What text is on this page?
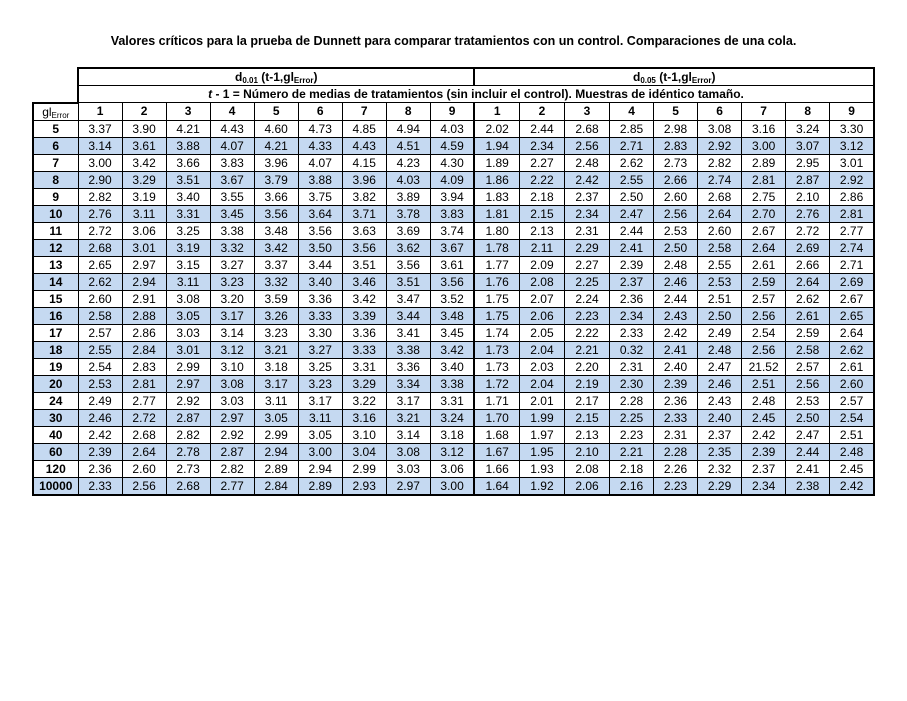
Valores críticos para la prueba de Dunnett para comparar tratamientos con un control. Comparaciones de una cola.
	$d_{0.01}$ $(t-1,gl_{Error})$									$d_{0.05}$ $(t-1,gl_{Error})$								
	t - 1 = Número de medias de tratamientos (sin incluir el control). Muestras de idéntico tamaño.																	
$gl_{Error}$	1	2	3	4	5	6	7	8	9	1	2	3	4	5	6	7	8	9
5	3.37	3.90	4.21	4.43	4.60	4.73	4.85	4.94	4.03	2.02	2.44	2.68	2.85	2.98	3.08	3.16	3.24	3.30
6	3.14	3.61	3.88	4.07	4.21	4.33	4.43	4.51	4.59	1.94	2.34	2.56	2.71	2.83	2.92	3.00	3.07	3.12
7	3.00	3.42	3.66	3.83	3.96	4.07	4.15	4.23	4.30	1.89	2.27	2.48	2.62	2.73	2.82	2.89	2.95	3.01
8	2.90	3.29	3.51	3.67	3.79	3.88	3.96	4.03	4.09	1.86	2.22	2.42	2.55	2.66	2.74	2.81	2.87	2.92
9	2.82	3.19	3.40	3.55	3.66	3.75	3.82	3.89	3.94	1.83	2.18	2.37	2.50	2.60	2.68	2.75	2.10	2.86
10	2.76	3.11	3.31	3.45	3.56	3.64	3.71	3.78	3.83	1.81	2.15	2.34	2.47	2.56	2.64	2.70	2.76	2.81
11	2.72	3.06	3.25	3.38	3.48	3.56	3.63	3.69	3.74	1.80	2.13	2.31	2.44	2.53	2.60	2.67	2.72	2.77
12	2.68	3.01	3.19	3.32	3.42	3.50	3.56	3.62	3.67	1.78	2.11	2.29	2.41	2.50	2.58	2.64	2.69	2.74
13	2.65	2.97	3.15	3.27	3.37	3.44	3.51	3.56	3.61	1.77	2.09	2.27	2.39	2.48	2.55	2.61	2.66	2.71
14	2.62	2.94	3.11	3.23	3.32	3.40	3.46	3.51	3.56	1.76	2.08	2.25	2.37	2.46	2.53	2.59	2.64	2.69
15	2.60	2.91	3.08	3.20	3.59	3.36	3.42	3.47	3.52	1.75	2.07	2.24	2.36	2.44	2.51	2.57	2.62	2.67
16	2.58	2.88	3.05	3.17	3.26	3.33	3.39	3.44	3.48	1.75	2.06	2.23	2.34	2.43	2.50	2.56	2.61	2.65
17	2.57	2.86	3.03	3.14	3.23	3.30	3.36	3.41	3.45	1.74	2.05	2.22	2.33	2.42	2.49	2.54	2.59	2.64
18	2.55	2.84	3.01	3.12	3.21	3.27	3.33	3.38	3.42	1.73	2.04	2.21	0.32	2.41	2.48	2.56	2.58	2.62
19	2.54	2.83	2.99	3.10	3.18	3.25	3.31	3.36	3.40	1.73	2.03	2.20	2.31	2.40	2.47	21.52	2.57	2.61
20	2.53	2.81	2.97	3.08	3.17	3.23	3.29	3.34	3.38	1.72	2.04	2.19	2.30	2.39	2.46	2.51	2.56	2.60
24	2.49	2.77	2.92	3.03	3.11	3.17	3.22	3.17	3.31	1.71	2.01	2.17	2.28	2.36	2.43	2.48	2.53	2.57
30	2.46	2.72	2.87	2.97	3.05	3.11	3.16	3.21	3.24	1.70	1.99	2.15	2.25	2.33	2.40	2.45	2.50	2.54
40	2.42	2.68	2.82	2.92	2.99	3.05	3.10	3.14	3.18	1.68	1.97	2.13	2.23	2.31	2.37	2.42	2.47	2.51
60	2.39	2.64	2.78	2.87	2.94	3.00	3.04	3.08	3.12	1.67	1.95	2.10	2.21	2.28	2.35	2.39	2.44	2.48
120	2.36	2.60	2.73	2.82	2.89	2.94	2.99	3.03	3.06	1.66	1.93	2.08	2.18	2.26	2.32	2.37	2.41	2.45
10000	2.33	2.56	2.68	2.77	2.84	2.89	2.93	2.97	3.00	1.64	1.92	2.06	2.16	2.23	2.29	2.34	2.38	2.42
